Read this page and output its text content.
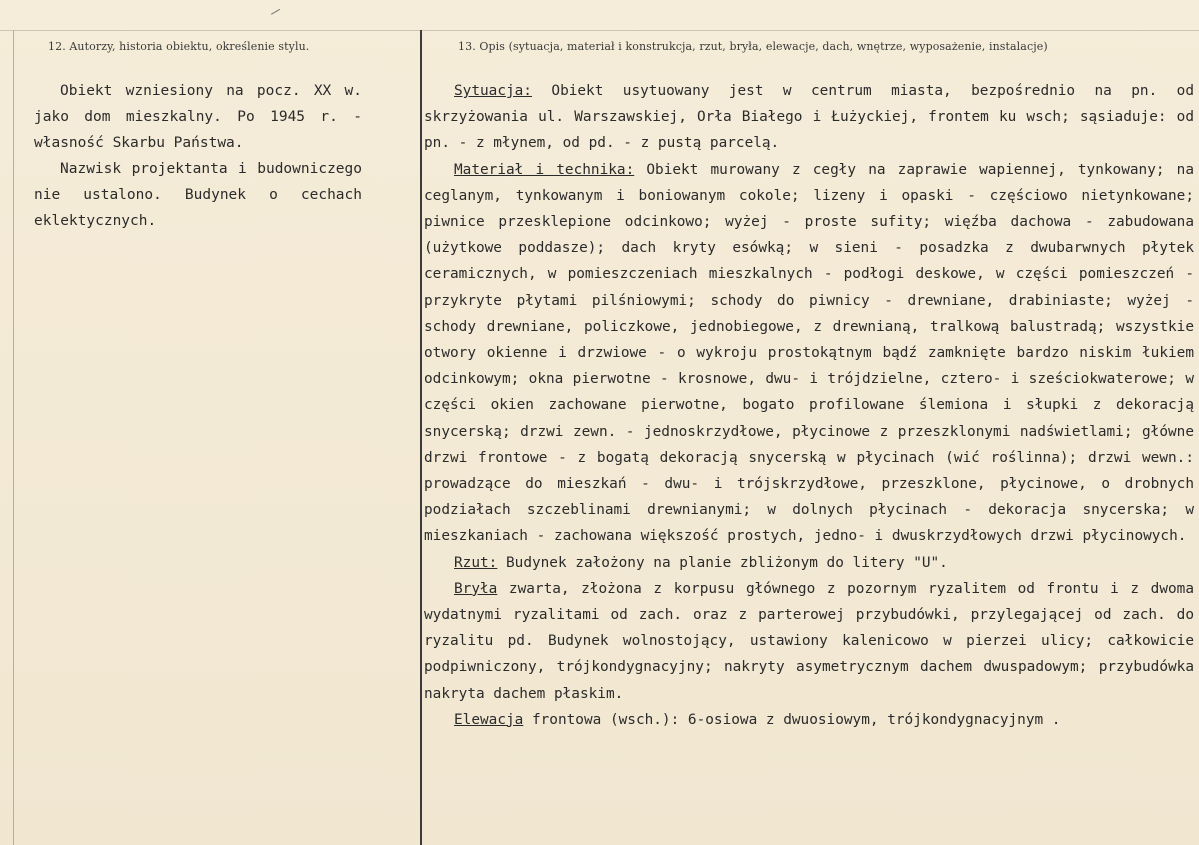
12. Autorzy, historia obiektu, określenie stylu.	13. Opis (sytuacja, materiał i konstrukcja, rzut, bryła, elewacje, dach, wnętrze, wyposażenie, instalacje)

Obiekt wzniesiony na pocz. XX w. jako dom mieszkalny. Po 1945 r. - własność Skarbu Państwa.

Nazwisk projektanta i budowniczego nie ustalono. Budynek o cechach eklektycznych.

Sytuacja: Obiekt usytuowany jest w centrum miasta, bezpośrednio na pn. od skrzyżowania ul. Warszawskiej, Orła Białego i Łużyckiej, frontem ku wsch; sąsiaduje: od pn. - z młynem, od pd. - z pustą parcelą.

Materiał i technika: Obiekt murowany z cegły na zaprawie wapiennej, tynkowany; na ceglanym, tynkowanym i boniowanym cokole; lizeny i opaski - częściowo nietynkowane; piwnice przesklepione odcinkowo; wyżej - proste sufity; więźba dachowa - zabudowana (użytkowe poddasze); dach kryty esówką; w sieni - posadzka z dwubarwnych płytek ceramicznych, w pomieszczeniach mieszkalnych - podłogi deskowe, w części pomieszczeń - przykryte płytami pilśniowymi; schody do piwnicy - drewniane, drabiniaste; wyżej - schody drewniane, policzkowe, jednobiegowe, z drewnianą, tralkową balustradą; wszystkie otwory okienne i drzwiowe - o wykroju prostokątnym bądź zamknięte bardzo niskim łukiem odcinkowym; okna pierwotne - krosnowe, dwu- i trójdzielne, cztero- i sześciokwaterowe; w części okien zachowane pierwotne, bogato profilowane ślemiona i słupki z dekoracją snycerską; drzwi zewn. - jednoskrzydłowe, płycinowe z przeszklonymi nadświetlami; główne drzwi frontowe - z bogatą dekoracją snycerską w płycinach (wić roślinna); drzwi wewn.: prowadzące do mieszkań - dwu- i trójskrzydłowe, przeszklone, płycinowe, o drobnych podziałach szczeblinami drewnianymi; w dolnych płycinach - dekoracja snycerska; w mieszkaniach - zachowana większość prostych, jedno- i dwuskrzydłowych drzwi płycinowych.

Rzut: Budynek założony na planie zbliżonym do litery "U".

Bryła zwarta, złożona z korpusu głównego z pozornym ryzalitem od frontu i z dwoma wydatnymi ryzalitami od zach. oraz z parterowej przybudówki, przylegającej od zach. do ryzalitu pd. Budynek wolnostojący, ustawiony kalenicowo w pierzei ulicy; całkowicie podpiwniczony, trójkondygnacyjny; nakryty asymetrycznym dachem dwuspadowym; przybudówka nakryta dachem płaskim.

Elewacja frontowa (wsch.): 6-osiowa z dwuosiowym, trójkondygnacyjnym .
